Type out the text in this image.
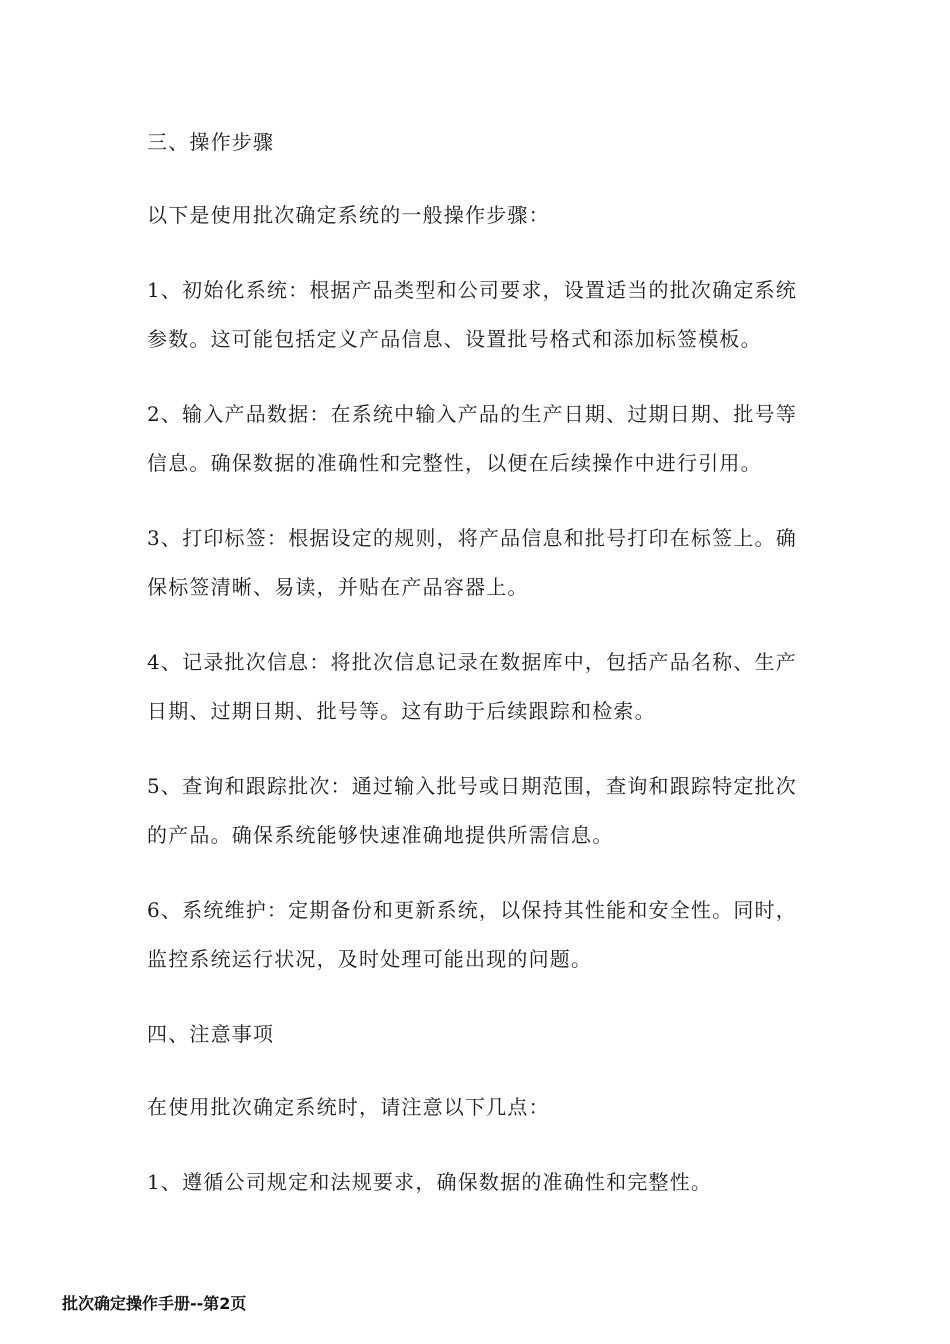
三、操作步骤

以下是使用批次确定系统的一般操作步骤：

1、初始化系统：根据产品类型和公司要求，设置适当的批次确定系统参数。这可能包括定义产品信息、设置批号格式和添加标签模板。

2、输入产品数据：在系统中输入产品的生产日期、过期日期、批号等信息。确保数据的准确性和完整性，以便在后续操作中进行引用。

3、打印标签：根据设定的规则，将产品信息和批号打印在标签上。确保标签清晰、易读，并贴在产品容器上。

4、记录批次信息：将批次信息记录在数据库中，包括产品名称、生产日期、过期日期、批号等。这有助于后续跟踪和检索。

5、查询和跟踪批次：通过输入批号或日期范围，查询和跟踪特定批次的产品。确保系统能够快速准确地提供所需信息。

6、系统维护：定期备份和更新系统，以保持其性能和安全性。同时，监控系统运行状况，及时处理可能出现的问题。

四、注意事项

在使用批次确定系统时，请注意以下几点：

1、遵循公司规定和法规要求，确保数据的准确性和完整性。

批次确定操作手册--第2页
